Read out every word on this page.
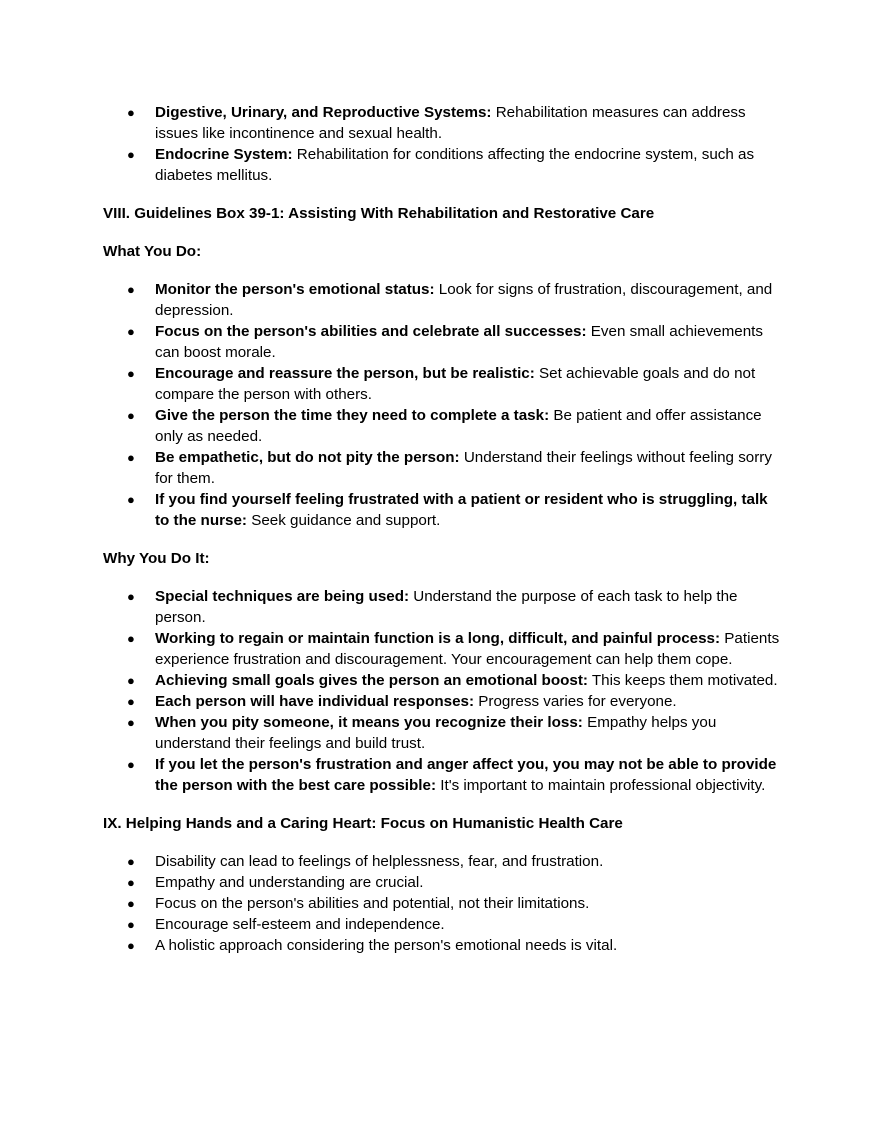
● Digestive, Urinary, and Reproductive Systems: Rehabilitation measures can address issues like incontinence and sexual health.
● Endocrine System: Rehabilitation for conditions affecting the endocrine system, such as diabetes mellitus.

VIII. Guidelines Box 39-1: Assisting With Rehabilitation and Restorative Care

What You Do:

● Monitor the person's emotional status: Look for signs of frustration, discouragement, and depression.
● Focus on the person's abilities and celebrate all successes: Even small achievements can boost morale.
● Encourage and reassure the person, but be realistic: Set achievable goals and do not compare the person with others.
● Give the person the time they need to complete a task: Be patient and offer assistance only as needed.
● Be empathetic, but do not pity the person: Understand their feelings without feeling sorry for them.
● If you find yourself feeling frustrated with a patient or resident who is struggling, talk to the nurse: Seek guidance and support.

Why You Do It:

● Special techniques are being used: Understand the purpose of each task to help the person.
● Working to regain or maintain function is a long, difficult, and painful process: Patients experience frustration and discouragement. Your encouragement can help them cope.
● Achieving small goals gives the person an emotional boost: This keeps them motivated.
● Each person will have individual responses: Progress varies for everyone.
● When you pity someone, it means you recognize their loss: Empathy helps you understand their feelings and build trust.
● If you let the person's frustration and anger affect you, you may not be able to provide the person with the best care possible: It's important to maintain professional objectivity.

IX. Helping Hands and a Caring Heart: Focus on Humanistic Health Care

● Disability can lead to feelings of helplessness, fear, and frustration.
● Empathy and understanding are crucial.
● Focus on the person's abilities and potential, not their limitations.
● Encourage self-esteem and independence.
● A holistic approach considering the person's emotional needs is vital.
